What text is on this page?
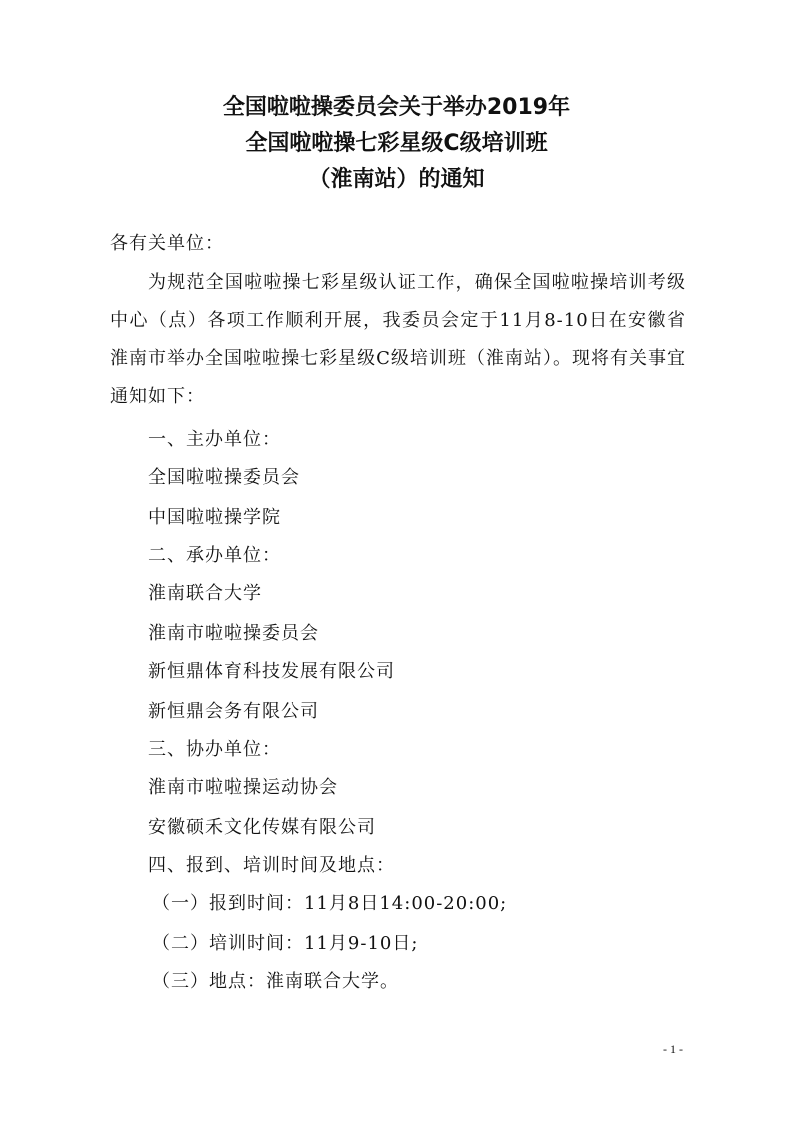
全国啦啦操委员会关于举办2019年
全国啦啦操七彩星级C级培训班
（淮南站）的通知
各有关单位：
为规范全国啦啦操七彩星级认证工作，确保全国啦啦操培训考级中心（点）各项工作顺利开展，我委员会定于11月8-10日在安徽省淮南市举办全国啦啦操七彩星级C级培训班（淮南站）。现将有关事宜通知如下：
一、主办单位：
全国啦啦操委员会
中国啦啦操学院
二、承办单位：
淮南联合大学
淮南市啦啦操委员会
新恒鼎体育科技发展有限公司
新恒鼎会务有限公司
三、协办单位：
淮南市啦啦操运动协会
安徽硕禾文化传媒有限公司
四、报到、培训时间及地点：
（一）报到时间：11月8日14:00-20:00;
（二）培训时间：11月9-10日;
（三）地点：淮南联合大学。
- 1 -
